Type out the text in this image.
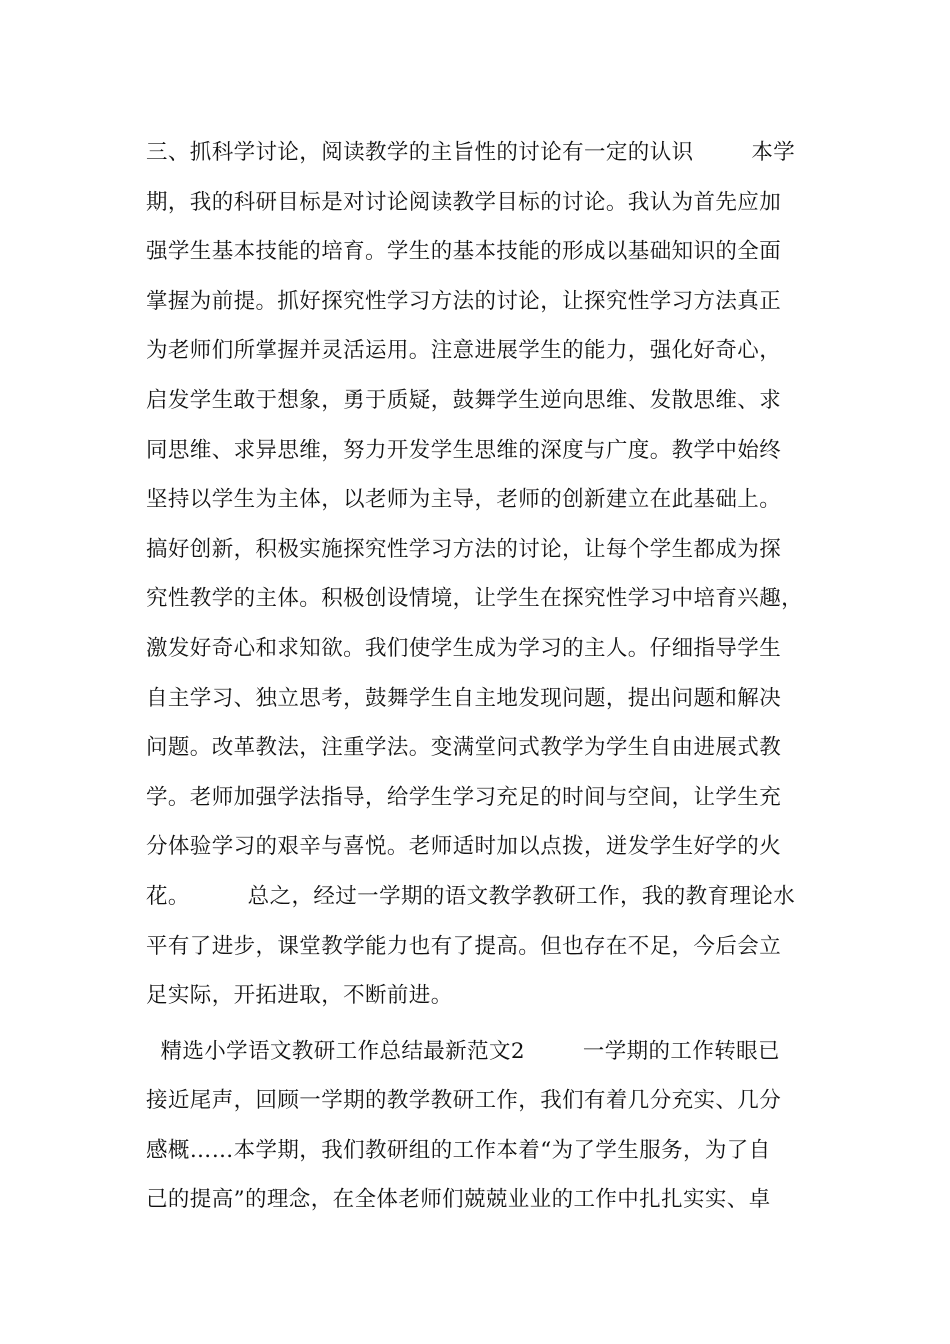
三、抓科学讨论，阅读教学的主旨性的讨论有一定的认识        本学
期，我的科研目标是对讨论阅读教学目标的讨论。我认为首先应加
强学生基本技能的培育。学生的基本技能的形成以基础知识的全面
掌握为前提。抓好探究性学习方法的讨论，让探究性学习方法真正
为老师们所掌握并灵活运用。注意进展学生的能力，强化好奇心，
启发学生敢于想象，勇于质疑，鼓舞学生逆向思维、发散思维、求
同思维、求异思维，努力开发学生思维的深度与广度。教学中始终
坚持以学生为主体，以老师为主导，老师的创新建立在此基础上。
搞好创新，积极实施探究性学习方法的讨论，让每个学生都成为探
究性教学的主体。积极创设情境，让学生在探究性学习中培育兴趣，
激发好奇心和求知欲。我们使学生成为学习的主人。仔细指导学生
自主学习、独立思考，鼓舞学生自主地发现问题，提出问题和解决
问题。改革教法，注重学法。变满堂问式教学为学生自由进展式教
学。老师加强学法指导，给学生学习充足的时间与空间，让学生充
分体验学习的艰辛与喜悦。老师适时加以点拨，迸发学生好学的火
花。        总之，经过一学期的语文教学教研工作，我的教育理论水
平有了进步，课堂教学能力也有了提高。但也存在不足，今后会立
足实际，开拓进取，不断前进。
精选小学语文教研工作总结最新范文2        一学期的工作转眼已
接近尾声，回顾一学期的教学教研工作，我们有着几分充实、几分
感概……本学期，我们教研组的工作本着“为了学生服务，为了自
己的提高”的理念，在全体老师们兢兢业业的工作中扎扎实实、卓
